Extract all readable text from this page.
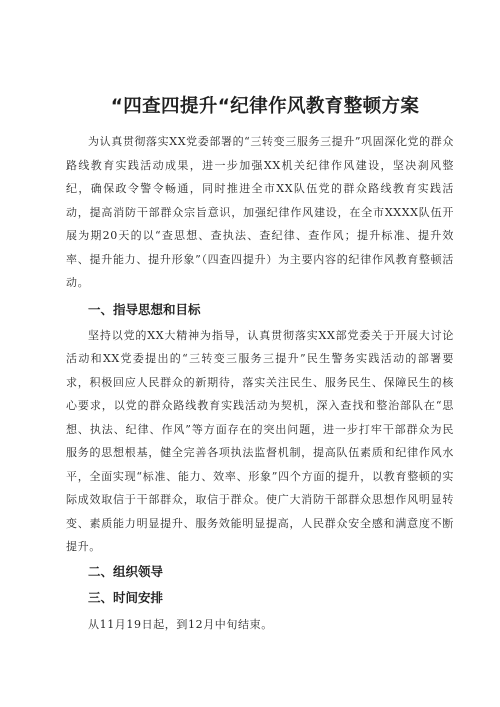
“四查四提升“纪律作风教育整顿方案

为认真贯彻落实XX党委部署的“三转变三服务三提升”巩固深化党的群众路线教育实践活动成果，进一步加强XX机关纪律作风建设，坚决刹风整纪，确保政令警令畅通，同时推进全市XX队伍党的群众路线教育实践活动，提高消防干部群众宗旨意识，加强纪律作风建设，在全市XXXX队伍开展为期20天的以“查思想、查执法、查纪律、查作风；提升标准、提升效率、提升能力、提升形象”（四查四提升）为主要内容的纪律作风教育整顿活动。

一、指导思想和目标

坚持以党的XX大精神为指导，认真贯彻落实XX部党委关于开展大讨论活动和XX党委提出的“三转变三服务三提升”民生警务实践活动的部署要求，积极回应人民群众的新期待，落实关注民生、服务民生、保障民生的核心要求，以党的群众路线教育实践活动为契机，深入查找和整治部队在“思想、执法、纪律、作风”等方面存在的突出问题，进一步打牢干部群众为民服务的思想根基，健全完善各项执法监督机制，提高队伍素质和纪律作风水平，全面实现“标准、能力、效率、形象”四个方面的提升，以教育整顿的实际成效取信于干部群众，取信于群众。使广大消防干部群众思想作风明显转变、素质能力明显提升、服务效能明显提高，人民群众安全感和满意度不断提升。

二、组织领导
三、时间安排

从11月19日起，到12月中旬结束。
